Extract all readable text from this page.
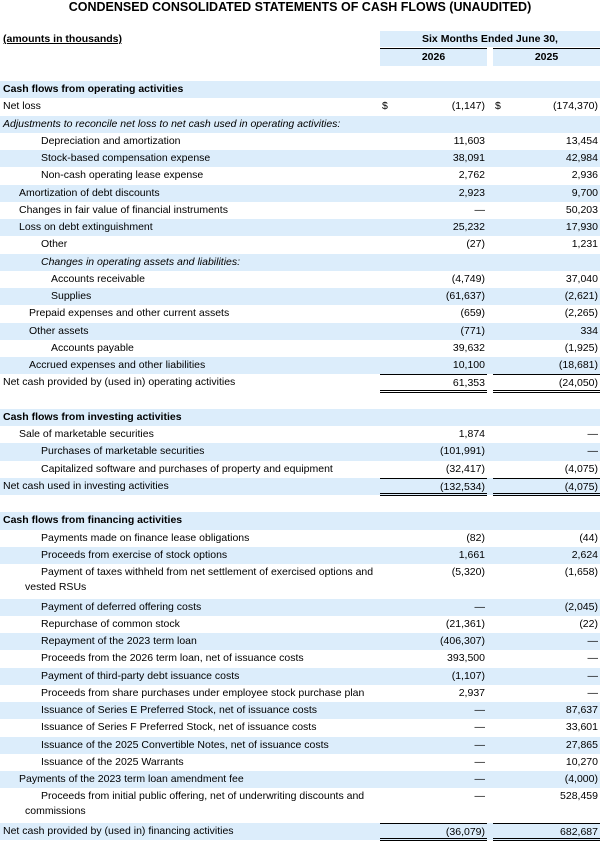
CONDENSED CONSOLIDATED STATEMENTS OF CASH FLOWS (UNAUDITED)
(amounts in thousands)	Six Months Ended June 30,
2026	2025
Cash flows from operating activities
Net loss	$	(1,147) $	(174,370)
Adjustments to reconcile net loss to net cash used in operating activities:
Depreciation and amortization	11,603	13,454
Stock-based compensation expense	38,091	42,984
Non-cash operating lease expense	2,762	2,936
Amortization of debt discounts	2,923	9,700
Changes in fair value of financial instruments	—	50,203
Loss on debt extinguishment	25,232	17,930
Other	(27)	1,231
Changes in operating assets and liabilities:
Accounts receivable	(4,749)	37,040
Supplies	(61,637)	(2,621)
Prepaid expenses and other current assets	(659)	(2,265)
Other assets	(771)	334
Accounts payable	39,632	(1,925)
Accrued expenses and other liabilities	10,100	(18,681)
Net cash provided by (used in) operating activities	61,353	(24,050)
Cash flows from investing activities
Sale of marketable securities	1,874	—
Purchases of marketable securities	(101,991)	—
Capitalized software and purchases of property and equipment	(32,417)	(4,075)
Net cash used in investing activities	(132,534)	(4,075)
Cash flows from financing activities
Payments made on finance lease obligations	(82)	(44)
Proceeds from exercise of stock options	1,661	2,624
Payment of taxes withheld from net settlement of exercised options and vested RSUs
(5,320)	(1,658)
Payment of deferred offering costs	—	(2,045)
Repurchase of common stock	(21,361)	(22)
Repayment of the 2023 term loan	(406,307)	—
Proceeds from the 2026 term loan, net of issuance costs	393,500	—
Payment of third-party debt issuance costs	(1,107)	—
Proceeds from share purchases under employee stock purchase plan	2,937	—
Issuance of Series E Preferred Stock, net of issuance costs	—	87,637
Issuance of Series F Preferred Stock, net of issuance costs	—	33,601
Issuance of the 2025 Convertible Notes, net of issuance costs	—	27,865
Issuance of the 2025 Warrants	—	10,270
Payments of the 2023 term loan amendment fee	—	(4,000)
Proceeds from initial public offering, net of underwriting discounts and commissions
—	528,459
Net cash provided by (used in) financing activities	(36,079)	682,687
